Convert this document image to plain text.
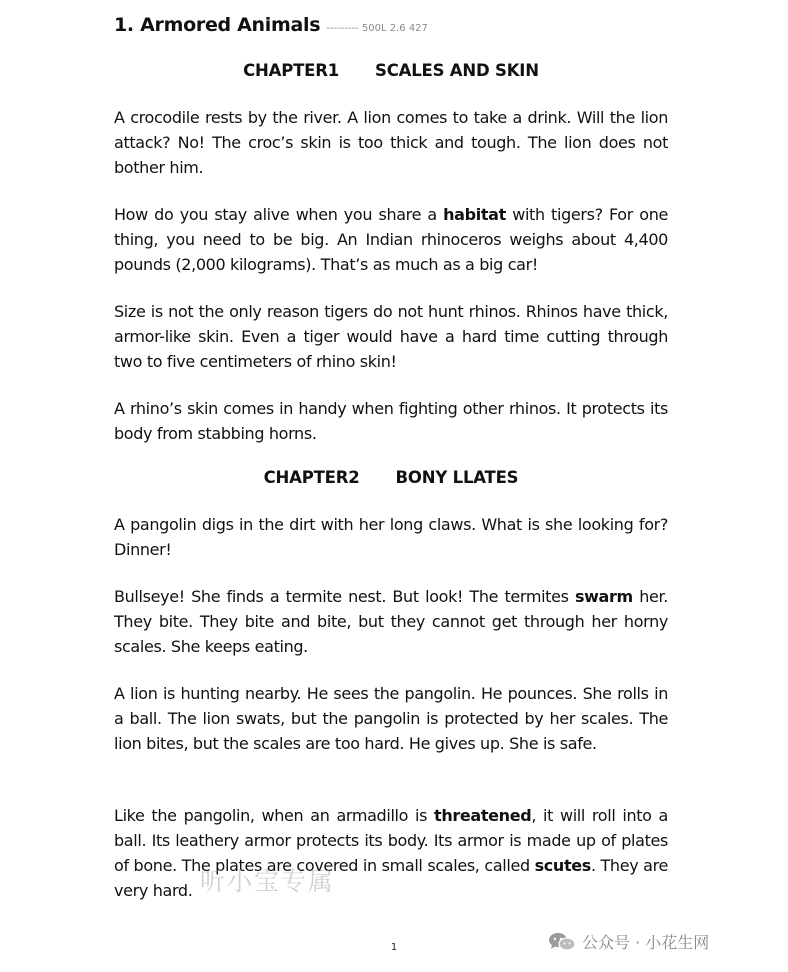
1. Armored Animals --------- 500L 2.6 427
CHAPTER1 SCALES AND SKIN
A crocodile rests by the river. A lion comes to take a drink. Will the lion attack? No! The croc’s skin is too thick and tough. The lion does not bother him.
How do you stay alive when you share a habitat with tigers? For one thing, you need to be big. An Indian rhinoceros weighs about 4,400 pounds (2,000 kilograms). That’s as much as a big car!
Size is not the only reason tigers do not hunt rhinos. Rhinos have thick, armor-like skin. Even a tiger would have a hard time cutting through two to five centimeters of rhino skin!
A rhino’s skin comes in handy when fighting other rhinos. It protects its body from stabbing horns.
CHAPTER2 BONY LLATES
A pangolin digs in the dirt with her long claws. What is she looking for? Dinner!
Bullseye! She finds a termite nest. But look! The termites swarm her. They bite. They bite and bite, but they cannot get through her horny scales. She keeps eating.
A lion is hunting nearby. He sees the pangolin. He pounces. She rolls in a ball. The lion swats, but the pangolin is protected by her scales. The lion bites, but the scales are too hard. He gives up. She is safe.
Like the pangolin, when an armadillo is threatened, it will roll into a ball. Its leathery armor protects its body. Its armor is made up of plates of bone. The plates are covered in small scales, called scutes. They are very hard. 听小宝专属
1	公众号 · 小花生网
